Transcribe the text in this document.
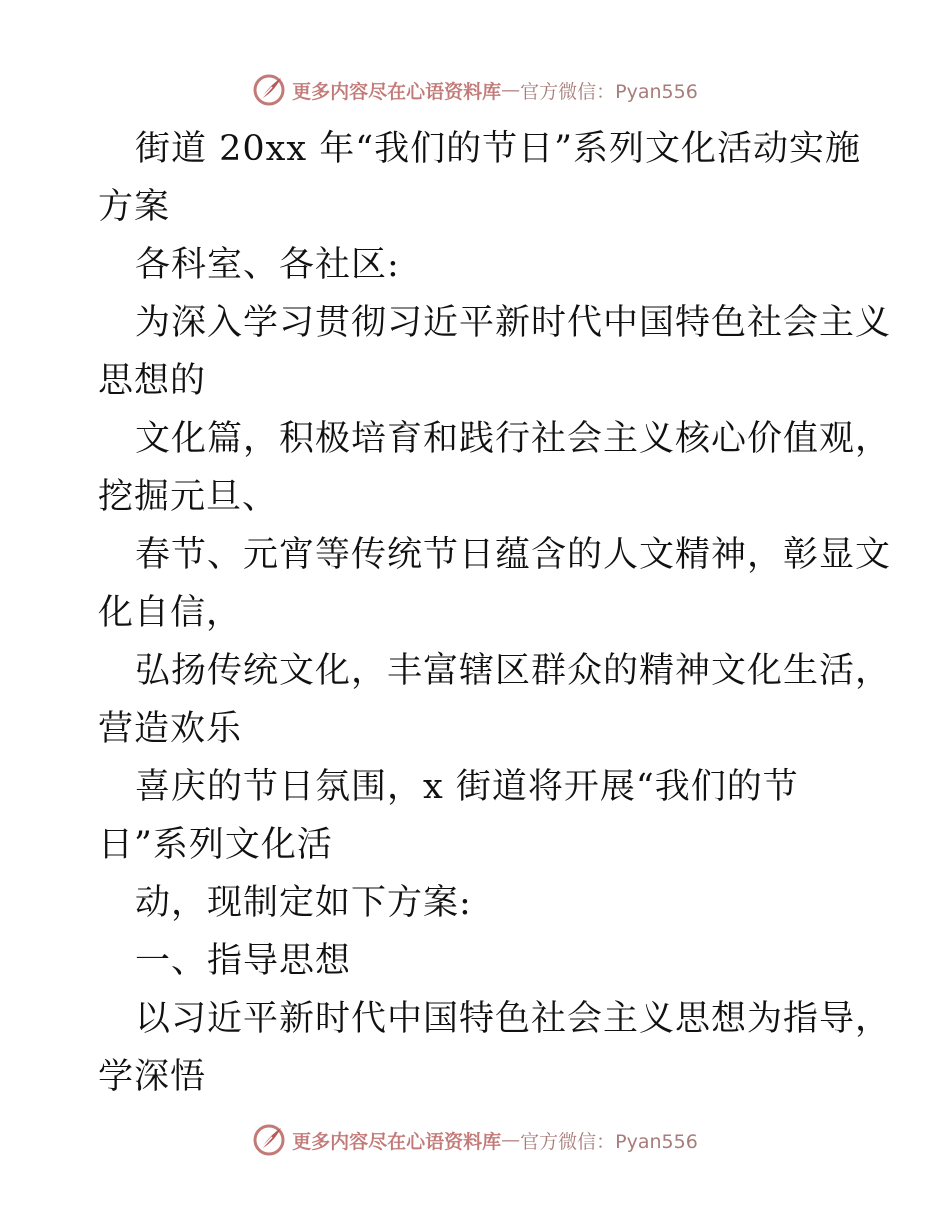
更多内容尽在心语资料库 — 官方微信：Pyan556
街道 20xx 年“我们的节日”系列文化活动实施
方案
各科室、各社区:
为深入学习贯彻习近平新时代中国特色社会主义
思想的
文化篇，积极培育和践行社会主义核心价值观，
挖掘元旦、
春节、元宵等传统节日蕴含的人文精神，彰显文
化自信，
弘扬传统文化，丰富辖区群众的精神文化生活，
营造欢乐
喜庆的节日氛围，x 街道将开展“我们的节
日”系列文化活
动，现制定如下方案:
一、指导思想
以习近平新时代中国特色社会主义思想为指导，
学深悟
更多内容尽在心语资料库 — 官方微信：Pyan556
